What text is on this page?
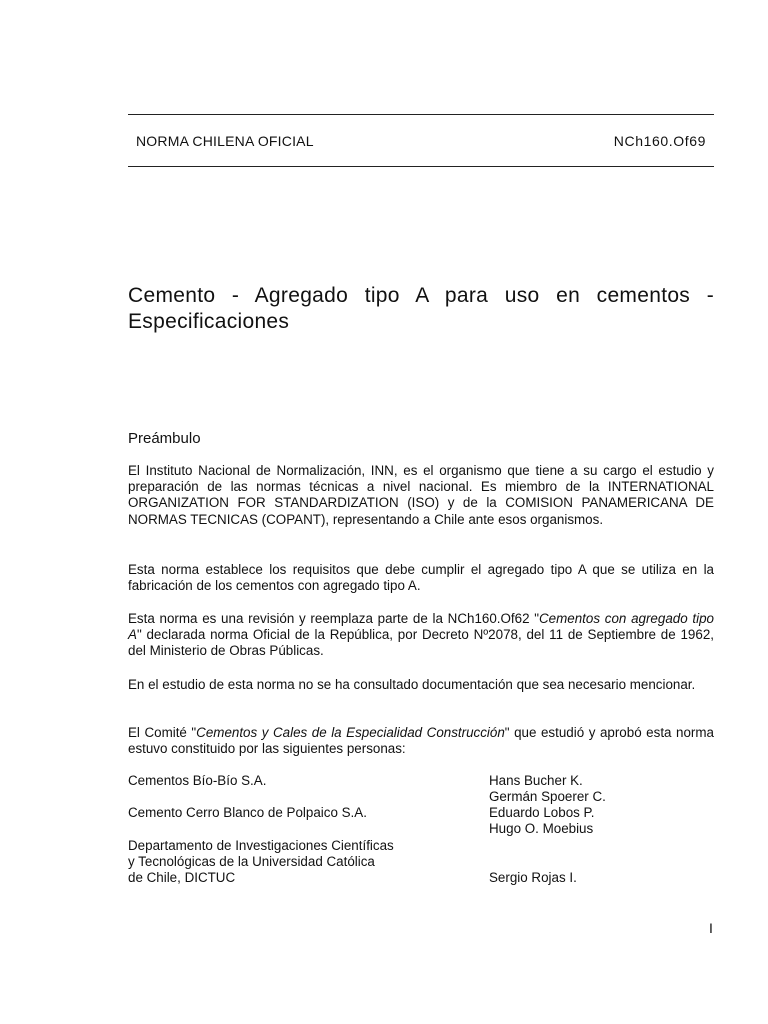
NORMA CHILENA OFICIAL	NCh160.Of69
Cemento - Agregado tipo A para uso en cementos - Especificaciones
Preámbulo

El Instituto Nacional de Normalización, INN, es el organismo que tiene a su cargo el estudio y preparación de las normas técnicas a nivel nacional. Es miembro de la INTERNATIONAL ORGANIZATION FOR STANDARDIZATION (ISO) y de la COMISION PANAMERICANA DE NORMAS TECNICAS (COPANT), representando a Chile ante esos organismos.

Esta norma establece los requisitos que debe cumplir el agregado tipo A que se utiliza en la fabricación de los cementos con agregado tipo A.

Esta norma es una revisión y reemplaza parte de la NCh160.Of62 "Cementos con agregado tipo A" declarada norma Oficial de la República, por Decreto Nº2078, del 11 de Septiembre de 1962, del Ministerio de Obras Públicas.

En el estudio de esta norma no se ha consultado documentación que sea necesario mencionar.

El Comité "Cementos y Cales de la Especialidad Construcción" que estudió y aprobó esta norma estuvo constituido por las siguientes personas:

Cementos Bío-Bío S.A.
Cemento Cerro Blanco de Polpaico S.A.
Departamento de Investigaciones Científicas
y Tecnológicas de la Universidad Católica
de Chile, DICTUC
Hans Bucher K.
Germán Spoerer C.
Eduardo Lobos P.
Hugo O. Moebius
Sergio Rojas I.
I
